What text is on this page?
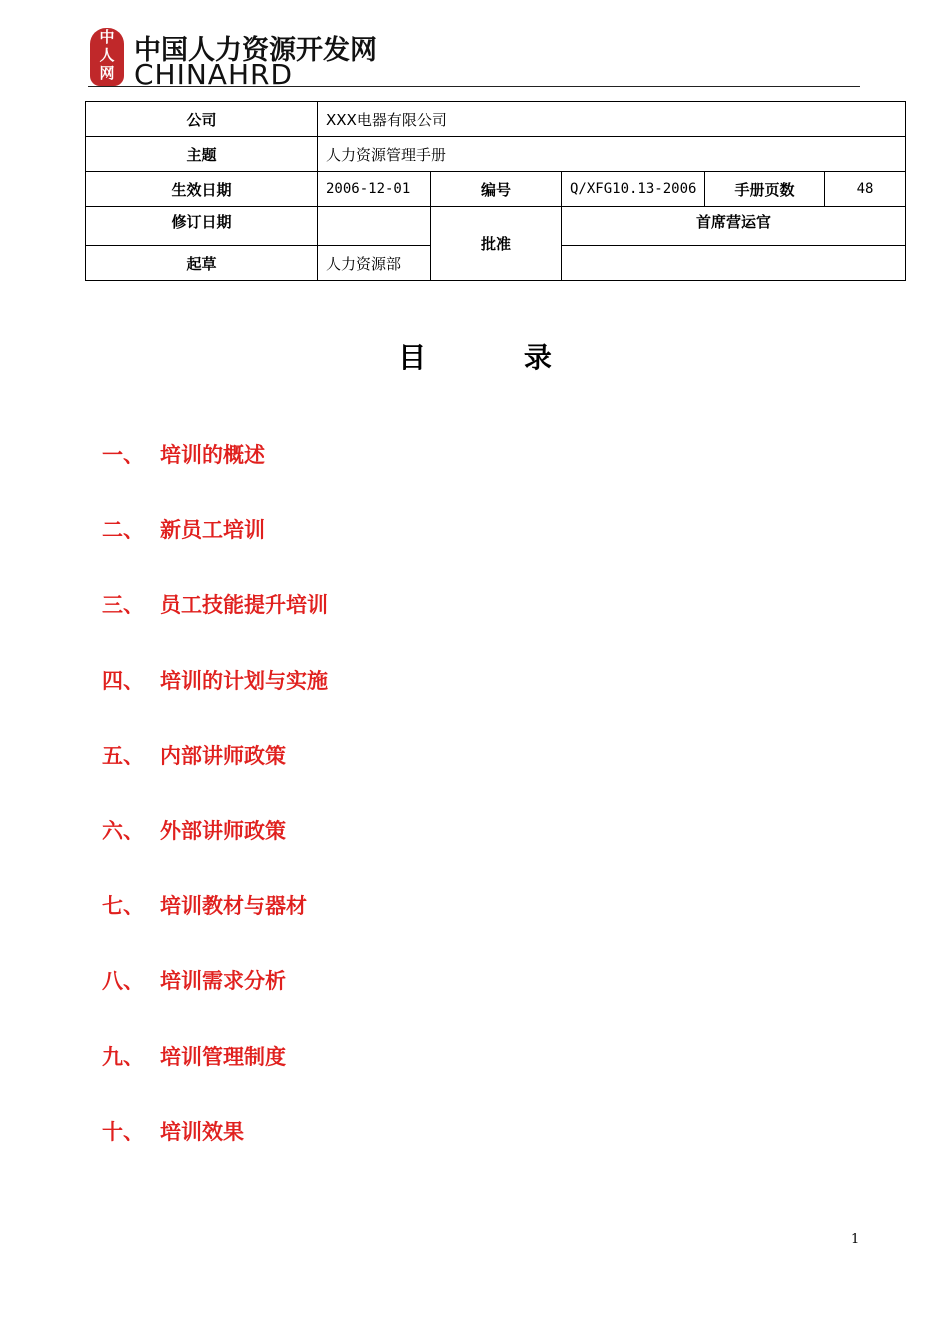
中
人
网
中国人力资源开发网
CHINAHRD
公司	XXX电器有限公司				
主题	人力资源管理手册				
生效日期	2006-12-01	编号	Q/XFG10.13-2006	手册页数	48
修订日期		批准	首席营运官		
起草	人力资源部				
目 录
一、 培训的概述
二、 新员工培训
三、 员工技能提升培训
四、 培训的计划与实施
五、 内部讲师政策
六、 外部讲师政策
七、 培训教材与器材
八、 培训需求分析
九、 培训管理制度
十、 培训效果
1
